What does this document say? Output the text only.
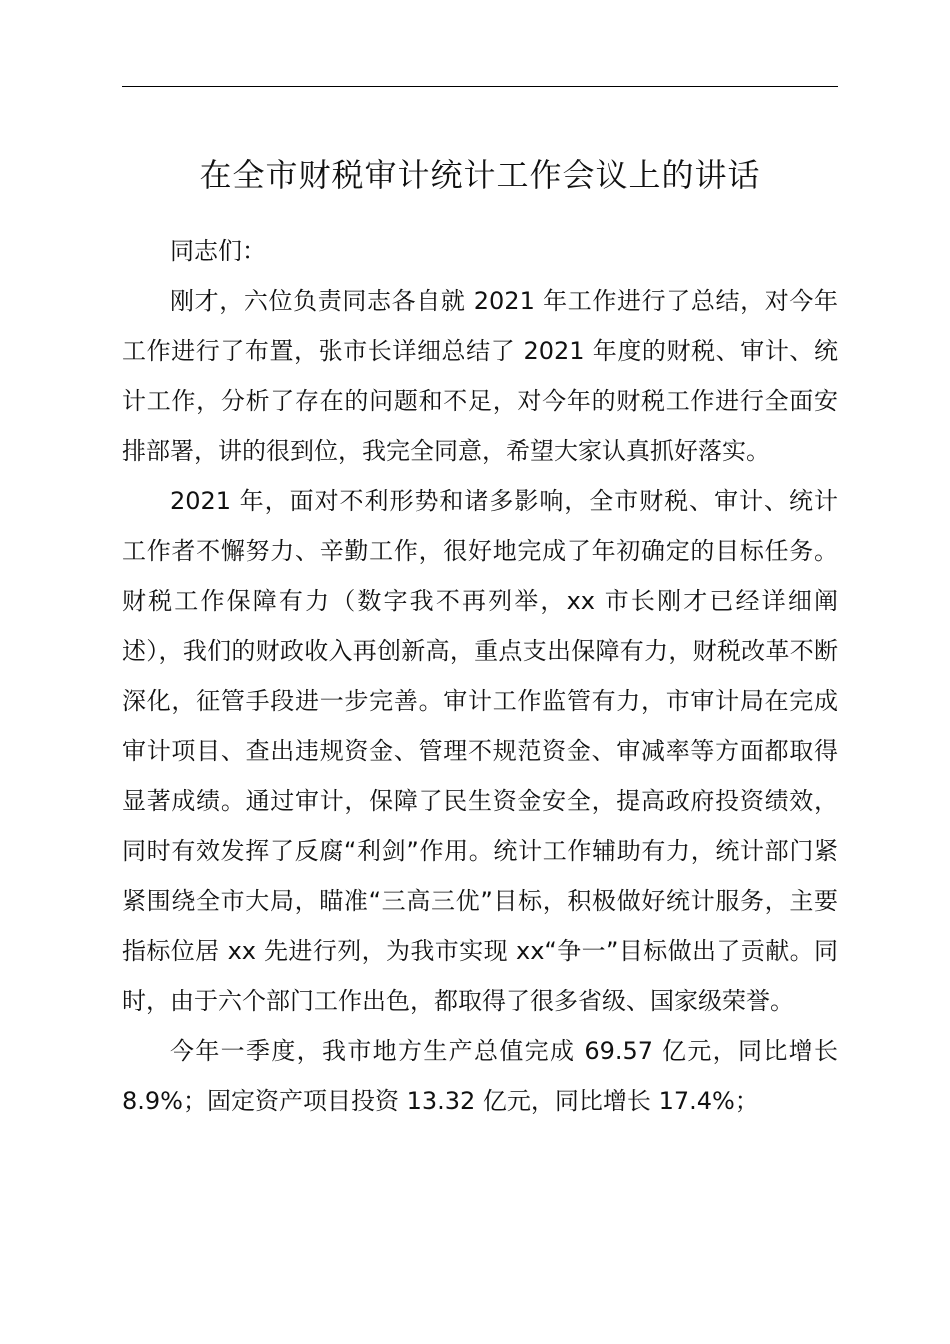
在全市财税审计统计工作会议上的讲话

同志们：

刚才，六位负责同志各自就 2021 年工作进行了总结，对今年工作进行了布置，张市长详细总结了 2021 年度的财税、审计、统计工作，分析了存在的问题和不足，对今年的财税工作进行全面安排部署，讲的很到位，我完全同意，希望大家认真抓好落实。

2021 年，面对不利形势和诸多影响，全市财税、审计、统计工作者不懈努力、辛勤工作，很好地完成了年初确定的目标任务。财税工作保障有力（数字我不再列举，xx 市长刚才已经详细阐述），我们的财政收入再创新高，重点支出保障有力，财税改革不断深化，征管手段进一步完善。审计工作监管有力，市审计局在完成审计项目、查出违规资金、管理不规范资金、审减率等方面都取得显著成绩。通过审计，保障了民生资金安全，提高政府投资绩效，同时有效发挥了反腐“利剑”作用。统计工作辅助有力，统计部门紧紧围绕全市大局，瞄准“三高三优”目标，积极做好统计服务，主要指标位居 xx 先进行列，为我市实现 xx“争一”目标做出了贡献。同时，由于六个部门工作出色，都取得了很多省级、国家级荣誉。

今年一季度，我市地方生产总值完成 69.57 亿元，同比增长 8.9%；固定资产项目投资 13.32 亿元，同比增长 17.4%；
